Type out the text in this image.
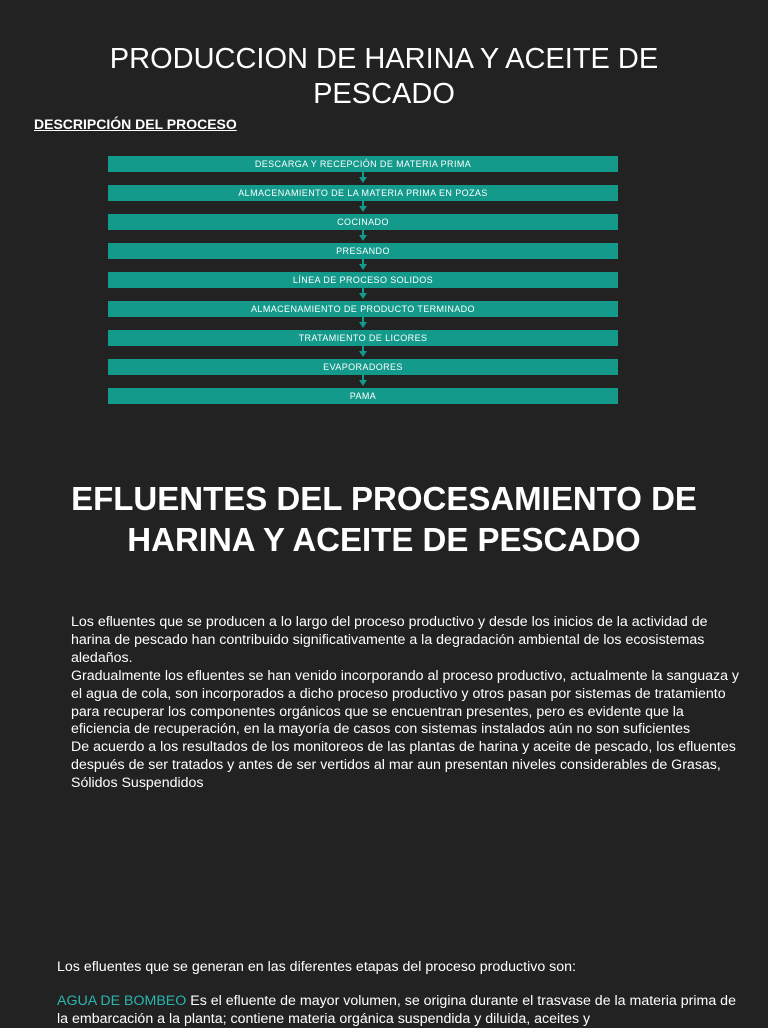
PRODUCCION DE HARINA Y ACEITE DE PESCADO
DESCRIPCIÓN DEL PROCESO
DESCARGA Y RECEPCIÓN DE MATERIA PRIMA
ALMACENAMIENTO DE LA MATERIA PRIMA EN POZAS
COCINADO
PRESANDO
LÍNEA DE PROCESO SOLIDOS
ALMACENAMIENTO DE PRODUCTO TERMINADO
TRATAMIENTO DE LICORES
EVAPORADORES
PAMA
EFLUENTES DEL PROCESAMIENTO DE HARINA Y ACEITE DE PESCADO

Los efluentes que se producen a lo largo del proceso productivo y desde los inicios de la actividad de harina de pescado han contribuido significativamente a la degradación ambiental de los ecosistemas aledaños.

Gradualmente los efluentes se han venido incorporando al proceso productivo, actualmente la sanguaza y el agua de cola, son incorporados a dicho proceso productivo y otros pasan por sistemas de tratamiento para recuperar los componentes orgánicos que se encuentran presentes, pero es evidente que la eficiencia de recuperación, en la mayoría de casos con sistemas instalados aún no son suficientes

De acuerdo a los resultados de los monitoreos de las plantas de harina y aceite de pescado, los efluentes después de ser tratados y antes de ser vertidos al mar aun presentan niveles considerables de Grasas, Sólidos Suspendidos

Los efluentes que se generan en las diferentes etapas del proceso productivo son:

AGUA DE BOMBEO Es el efluente de mayor volumen, se origina durante el trasvase de la materia prima de la embarcación a la planta; contiene materia orgánica suspendida y diluida, aceites y
